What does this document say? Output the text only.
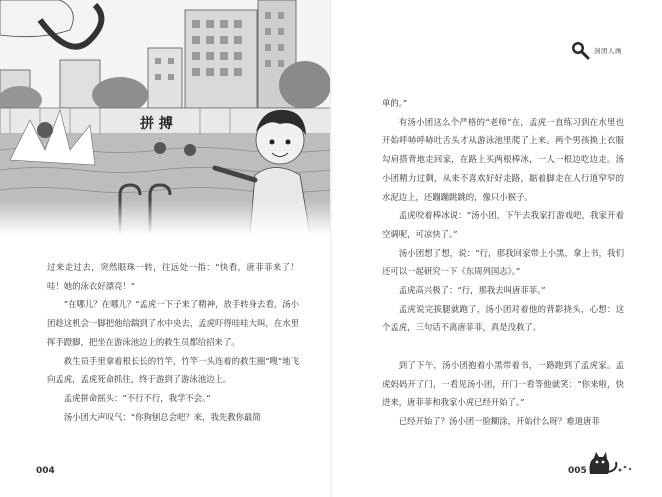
拼 搏

过来走过去，突然眼珠一转，往远处一指：“快看，唐菲菲来了！哇！她的泳衣好漂亮！”

“在哪儿？在哪儿？”孟虎一下子来了精神，放手转身去看，汤小团趁这机会一脚把他给踹到了水中央去，孟虎吓得哇哇大叫，在水里挥手蹬脚，把坐在游泳池边上的救生员都给招来了。

救生员手里拿着根长长的竹竿，竹竿一头连着的救生圈“嗖”地飞向孟虎，孟虎死命抓住，终于游到了游泳池边上。

孟虎拼命摇头：“不行不行，我学不会。”

汤小团大声叹气：“你狗刨总会吧？来，我先教你最简

004
剑团人画

单的。”

有汤小团这么个严格的“老师”在，孟虎一直练习到在水里也开始呼哧呼哧吐舌头才从游泳池里爬了上来。两个男孩换上衣服勾肩搭背地走回家，在路上买两根棒冰，一人一根边吃边走。汤小团精力过剩，从来不喜欢好好走路，踮着脚走在人行道窄窄的水泥边上，还蹦蹦跳跳的，像只小猴子。

孟虎咬着棒冰说：“汤小团，下午去我家打游戏吧，我家开着空调呢，可凉快了。”

汤小团想了想，说：“行，那我回家带上小黑，拿上书，我们还可以一起研究一下《东周列国志》。”

孟虎高兴极了：“行，那我去叫唐菲菲。”

孟虎说完拔腿就跑了，汤小团对着他的背影挠头，心想：这个孟虎，三句话不离唐菲菲，真是没救了。

到了下午，汤小团抱着小黑带着书，一路跑到了孟虎家。孟虎妈妈开了门，一看见汤小团，开门一看等他就笑：“你来啦，快进来，唐菲菲和我家小虎已经开始了。”

已经开始了？汤小团一脸糊涂，开始什么呀？难道唐菲

005
